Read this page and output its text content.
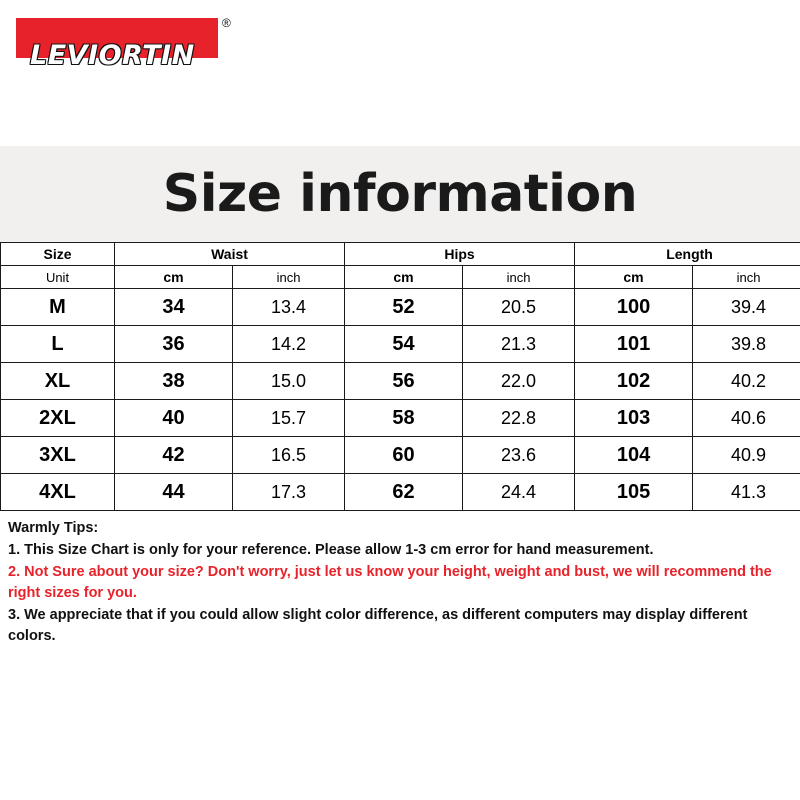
LEVIORTIN
®
Size information
Size	Waist		Hips		Length	
Unit	cm	inch	cm	inch	cm	inch
M	34	13.4	52	20.5	100	39.4
L	36	14.2	54	21.3	101	39.8
XL	38	15.0	56	22.0	102	40.2
2XL	40	15.7	58	22.8	103	40.6
3XL	42	16.5	60	23.6	104	40.9
4XL	44	17.3	62	24.4	105	41.3
Warmly Tips:
1. This Size Chart is only for your reference. Please allow 1-3 cm error for hand measurement.
2. Not Sure about your size? Don't worry, just let us know your height, weight and bust, we will recommend the right sizes for you.
3. We appreciate that if you could allow slight color difference, as different computers may display different colors.
